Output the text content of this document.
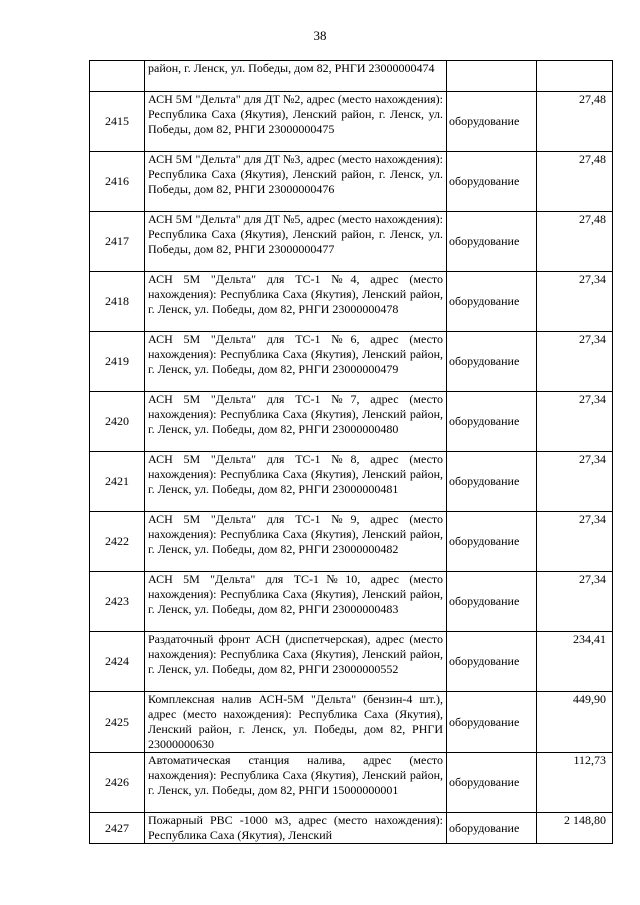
38
	район, г. Ленск, ул. Победы, дом 82, РНГИ 23000000474		
2415	АСН 5М "Дельта" для ДТ №2, адрес (место нахождения): Республика Саха (Якутия), Ленский район, г. Ленск, ул. Победы, дом 82, РНГИ 23000000475	оборудование	27,48
2416	АСН 5М "Дельта" для ДТ №3, адрес (место нахождения): Республика Саха (Якутия), Ленский район, г. Ленск, ул. Победы, дом 82, РНГИ 23000000476	оборудование	27,48
2417	АСН 5М "Дельта" для ДТ №5, адрес (место нахождения): Республика Саха (Якутия), Ленский район, г. Ленск, ул. Победы, дом 82, РНГИ 23000000477	оборудование	27,48
2418	АСН 5М "Дельта" для ТС-1 №4, адрес (место нахождения): Республика Саха (Якутия), Ленский район, г. Ленск, ул. Победы, дом 82, РНГИ 23000000478	оборудование	27,34
2419	АСН 5М "Дельта" для ТС-1 №6, адрес (место нахождения): Республика Саха (Якутия), Ленский район, г. Ленск, ул. Победы, дом 82, РНГИ 23000000479	оборудование	27,34
2420	АСН 5М "Дельта" для ТС-1 №7, адрес (место нахождения): Республика Саха (Якутия), Ленский район, г. Ленск, ул. Победы, дом 82, РНГИ 23000000480	оборудование	27,34
2421	АСН 5М "Дельта" для ТС-1 №8, адрес (место нахождения): Республика Саха (Якутия), Ленский район, г. Ленск, ул. Победы, дом 82, РНГИ 23000000481	оборудование	27,34
2422	АСН 5М "Дельта" для ТС-1 №9, адрес (место нахождения): Республика Саха (Якутия), Ленский район, г. Ленск, ул. Победы, дом 82, РНГИ 23000000482	оборудование	27,34
2423	АСН 5М "Дельта" для ТС-1№10, адрес (место нахождения): Республика Саха (Якутия), Ленский район, г. Ленск, ул. Победы, дом 82, РНГИ 23000000483	оборудование	27,34
2424	Раздаточный фронт АСН (диспетчерская), адрес (место нахождения): Республика Саха (Якутия), Ленский район, г. Ленск, ул. Победы, дом 82, РНГИ 23000000552	оборудование	234,41
2425	Комплексная налив АСН-5М "Дельта" (бензин-4 шт.), адрес (место нахождения): Республика Саха (Якутия), Ленский район, г. Ленск, ул. Победы, дом 82, РНГИ 23000000630	оборудование	449,90
2426	Автоматическая станция налива, адрес (место нахождения): Республика Саха (Якутия), Ленский район, г. Ленск, ул. Победы, дом 82, РНГИ 15000000001	оборудование	112,73
2427	Пожарный РВС -1000 м3, адрес (место нахождения): Республика Саха (Якутия), Ленский	оборудование	2 148,80
